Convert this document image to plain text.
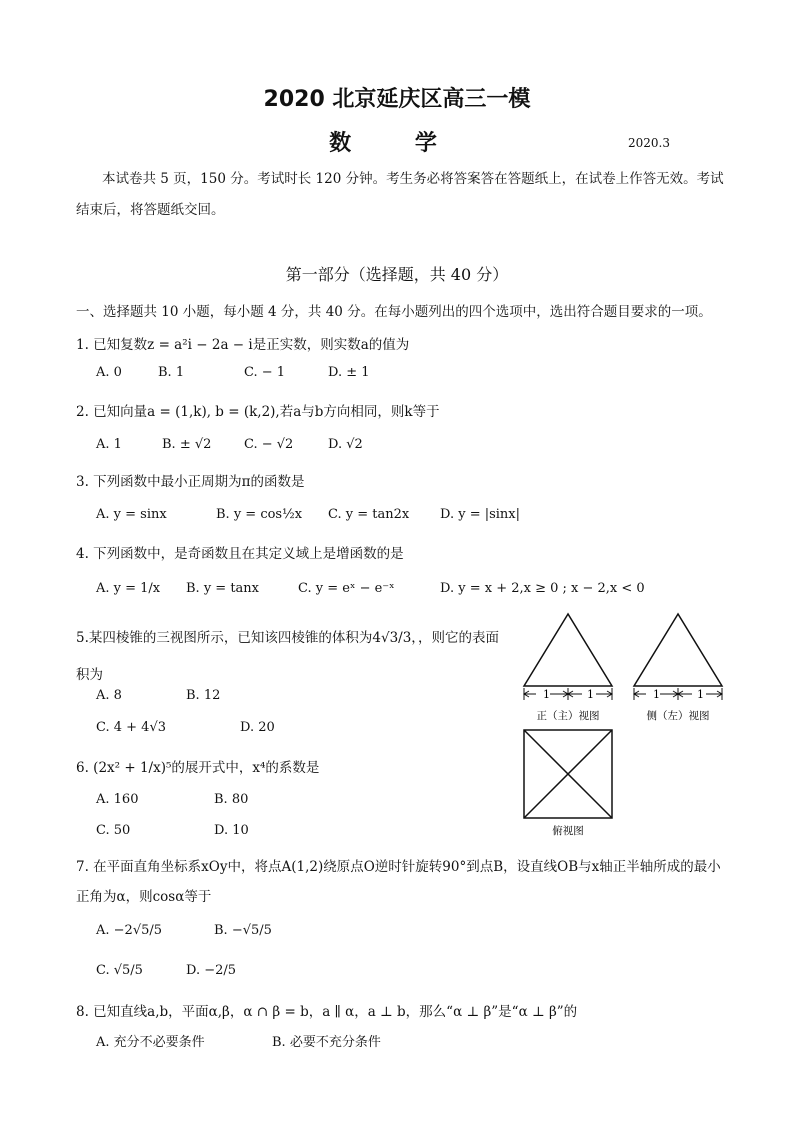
2020 北京延庆区高三一模
数 学	2020.3
本试卷共 5 页，150 分。考试时长 120 分钟。考生务必将答案答在答题纸上，在试卷上作答无效。考试结束后，将答题纸交回。
第一部分（选择题，共 40 分）
一、选择题共 10 小题，每小题 4 分，共 40 分。在每小题列出的四个选项中，选出符合题目要求的一项。
1. 已知复数z = a²i − 2a − i是正实数，则实数a的值为
A. 0	B. 1	C. − 1	D. ± 1
2. 已知向量a = (1,k), b = (k,2),若a与b方向相同，则k等于
A. 1	B. ± √2	C. − √2	D. √2
3. 下列函数中最小正周期为π的函数是
A. y = sinx	B. y = cos½x C. y = tan2x D. y = |sinx|
4. 下列函数中，是奇函数且在其定义域上是增函数的是
A. y = 1/x B. y = tanx	C. y = eˣ − e⁻ˣ	D. y = x + 2,x ≥ 0 ; x − 2,x < 0
5.某四棱锥的三视图所示，已知该四棱锥的体积为4√3/3，，则它的表面积为
A. 8	B. 12
C. 4 + 4√3	D. 20
6. (2x² + 1/x)⁵的展开式中，x⁴的系数是
A. 160	B. 80
C. 50	D. 10
7. 在平面直角坐标系xOy中，将点A(1,2)绕原点O逆时针旋转90°到点B，设直线OB与x轴正半轴所成的最小正角为α，则cosα等于
A. −2√5/5	B. −√5/5
C. √5/5	D. −2/5
8. 已知直线a,b，平面α,β，α ∩ β = b，a ∥ α，a ⊥ b，那么“α ⊥ β”是“α ⊥ β”的
A. 充分不必要条件	B. 必要不充分条件
1	1
正（主）视图
1	1
侧（左）视图
俯视图
